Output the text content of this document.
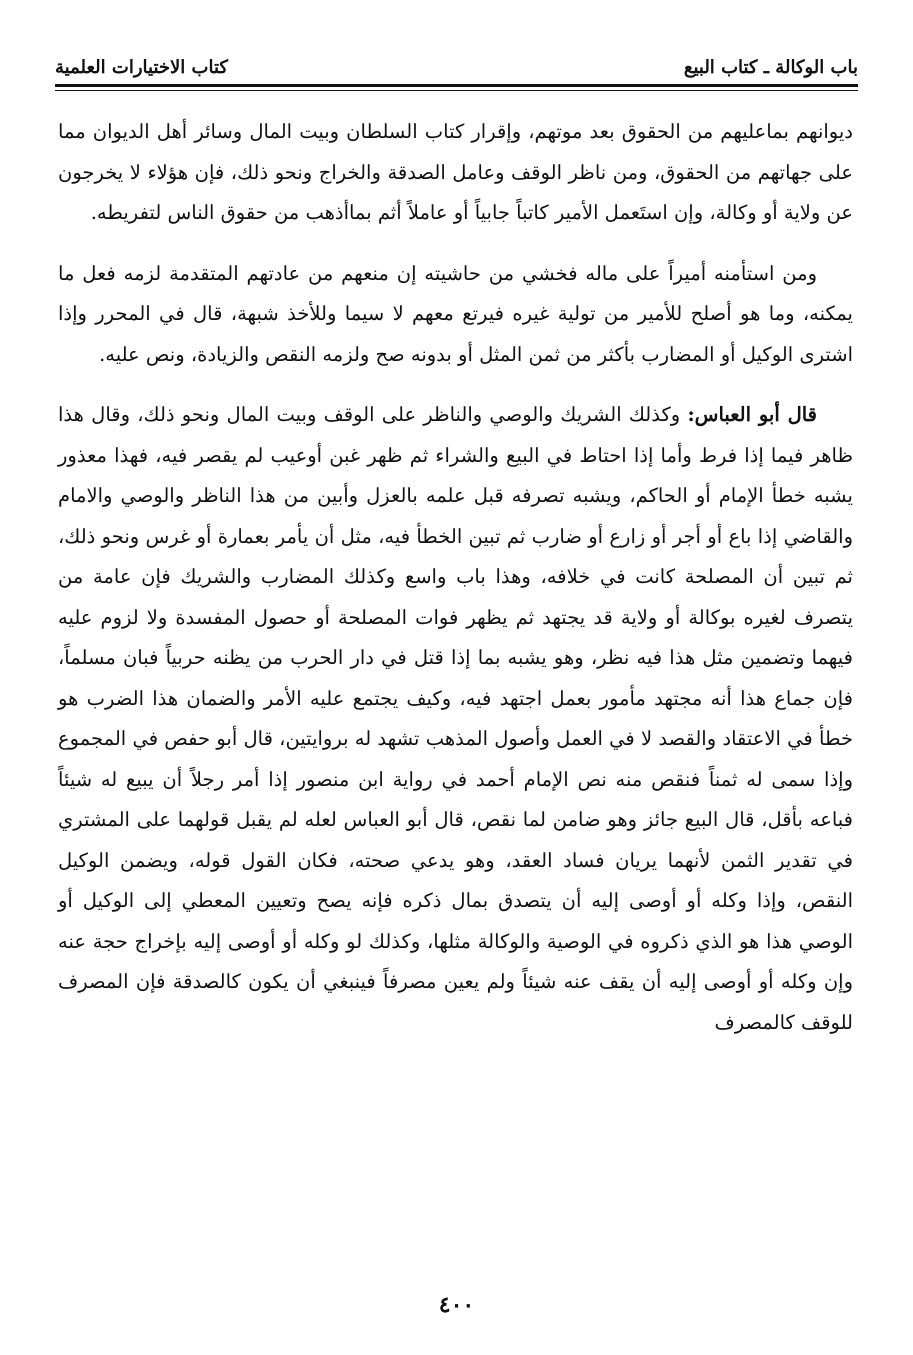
كتاب الاختيارات العلمية	باب الوكالة ـ كتاب البيع

ديوانهم بماعليهم من الحقوق بعد موتهم، وإقرار كتاب السلطان وبيت المال وسائر أهل الديوان مما على جهاتهم من الحقوق، ومن ناظر الوقف وعامل الصدقة والخراج ونحو ذلك، فإن هؤلاء لا يخرجون عن ولاية أو وكالة، وإن استَعمل الأمير كاتباً جابياً أو عاملاً أثم بماأذهب من حقوق الناس لتفريطه.

ومن استأمنه أميراً على ماله فخشي من حاشيته إن منعهم من عادتهم المتقدمة لزمه فعل ما يمكنه، وما هو أصلح للأمير من تولية غيره فيرتع معهم لا سيما وللأخذ شبهة، قال في المحرر وإذا اشترى الوكيل أو المضارب بأكثر من ثمن المثل أو بدونه صح ولزمه النقص والزيادة، ونص عليه.

قال أبو العباس: وكذلك الشريك والوصي والناظر على الوقف وبيت المال ونحو ذلك، وقال هذا ظاهر فيما إذا فرط وأما إذا احتاط في البيع والشراء ثم ظهر غبن أوعيب لم يقصر فيه، فهذا معذور يشبه خطأ الإمام أو الحاكم، ويشبه تصرفه قبل علمه بالعزل وأبين من هذا الناظر والوصي والامام والقاضي إذا باع أو أجر أو زارع أو ضارب ثم تبين الخطأ فيه، مثل أن يأمر بعمارة أو غرس ونحو ذلك، ثم تبين أن المصلحة كانت في خلافه، وهذا باب واسع وكذلك المضارب والشريك فإن عامة من يتصرف لغيره بوكالة أو ولاية قد يجتهد ثم يظهر فوات المصلحة أو حصول المفسدة ولا لزوم عليه فيهما وتضمين مثل هذا فيه نظر، وهو يشبه بما إذا قتل في دار الحرب من يظنه حربياً فبان مسلماً، فإن جماع هذا أنه مجتهد مأمور بعمل اجتهد فيه، وكيف يجتمع عليه الأمر والضمان هذا الضرب هو خطأ في الاعتقاد والقصد لا في العمل وأصول المذهب تشهد له بروايتين، قال أبو حفص في المجموع وإذا سمى له ثمناً فنقص منه نص الإمام أحمد في رواية ابن منصور إذا أمر رجلاً أن يبيع له شيئاً فباعه بأقل، قال البيع جائز وهو ضامن لما نقص، قال أبو العباس لعله لم يقبل قولهما على المشتري في تقدير الثمن لأنهما يريان فساد العقد، وهو يدعي صحته، فكان القول قوله، ويضمن الوكيل النقص، وإذا وكله أو أوصى إليه أن يتصدق بمال ذكره فإنه يصح وتعيين المعطي إلى الوكيل أو الوصي هذا هو الذي ذكروه في الوصية والوكالة مثلها، وكذلك لو وكله أو أوصى إليه بإخراج حجة عنه وإن وكله أو أوصى إليه أن يقف عنه شيئاً ولم يعين مصرفاً فينبغي أن يكون كالصدقة فإن المصرف للوقف كالمصرف

٤٠٠
